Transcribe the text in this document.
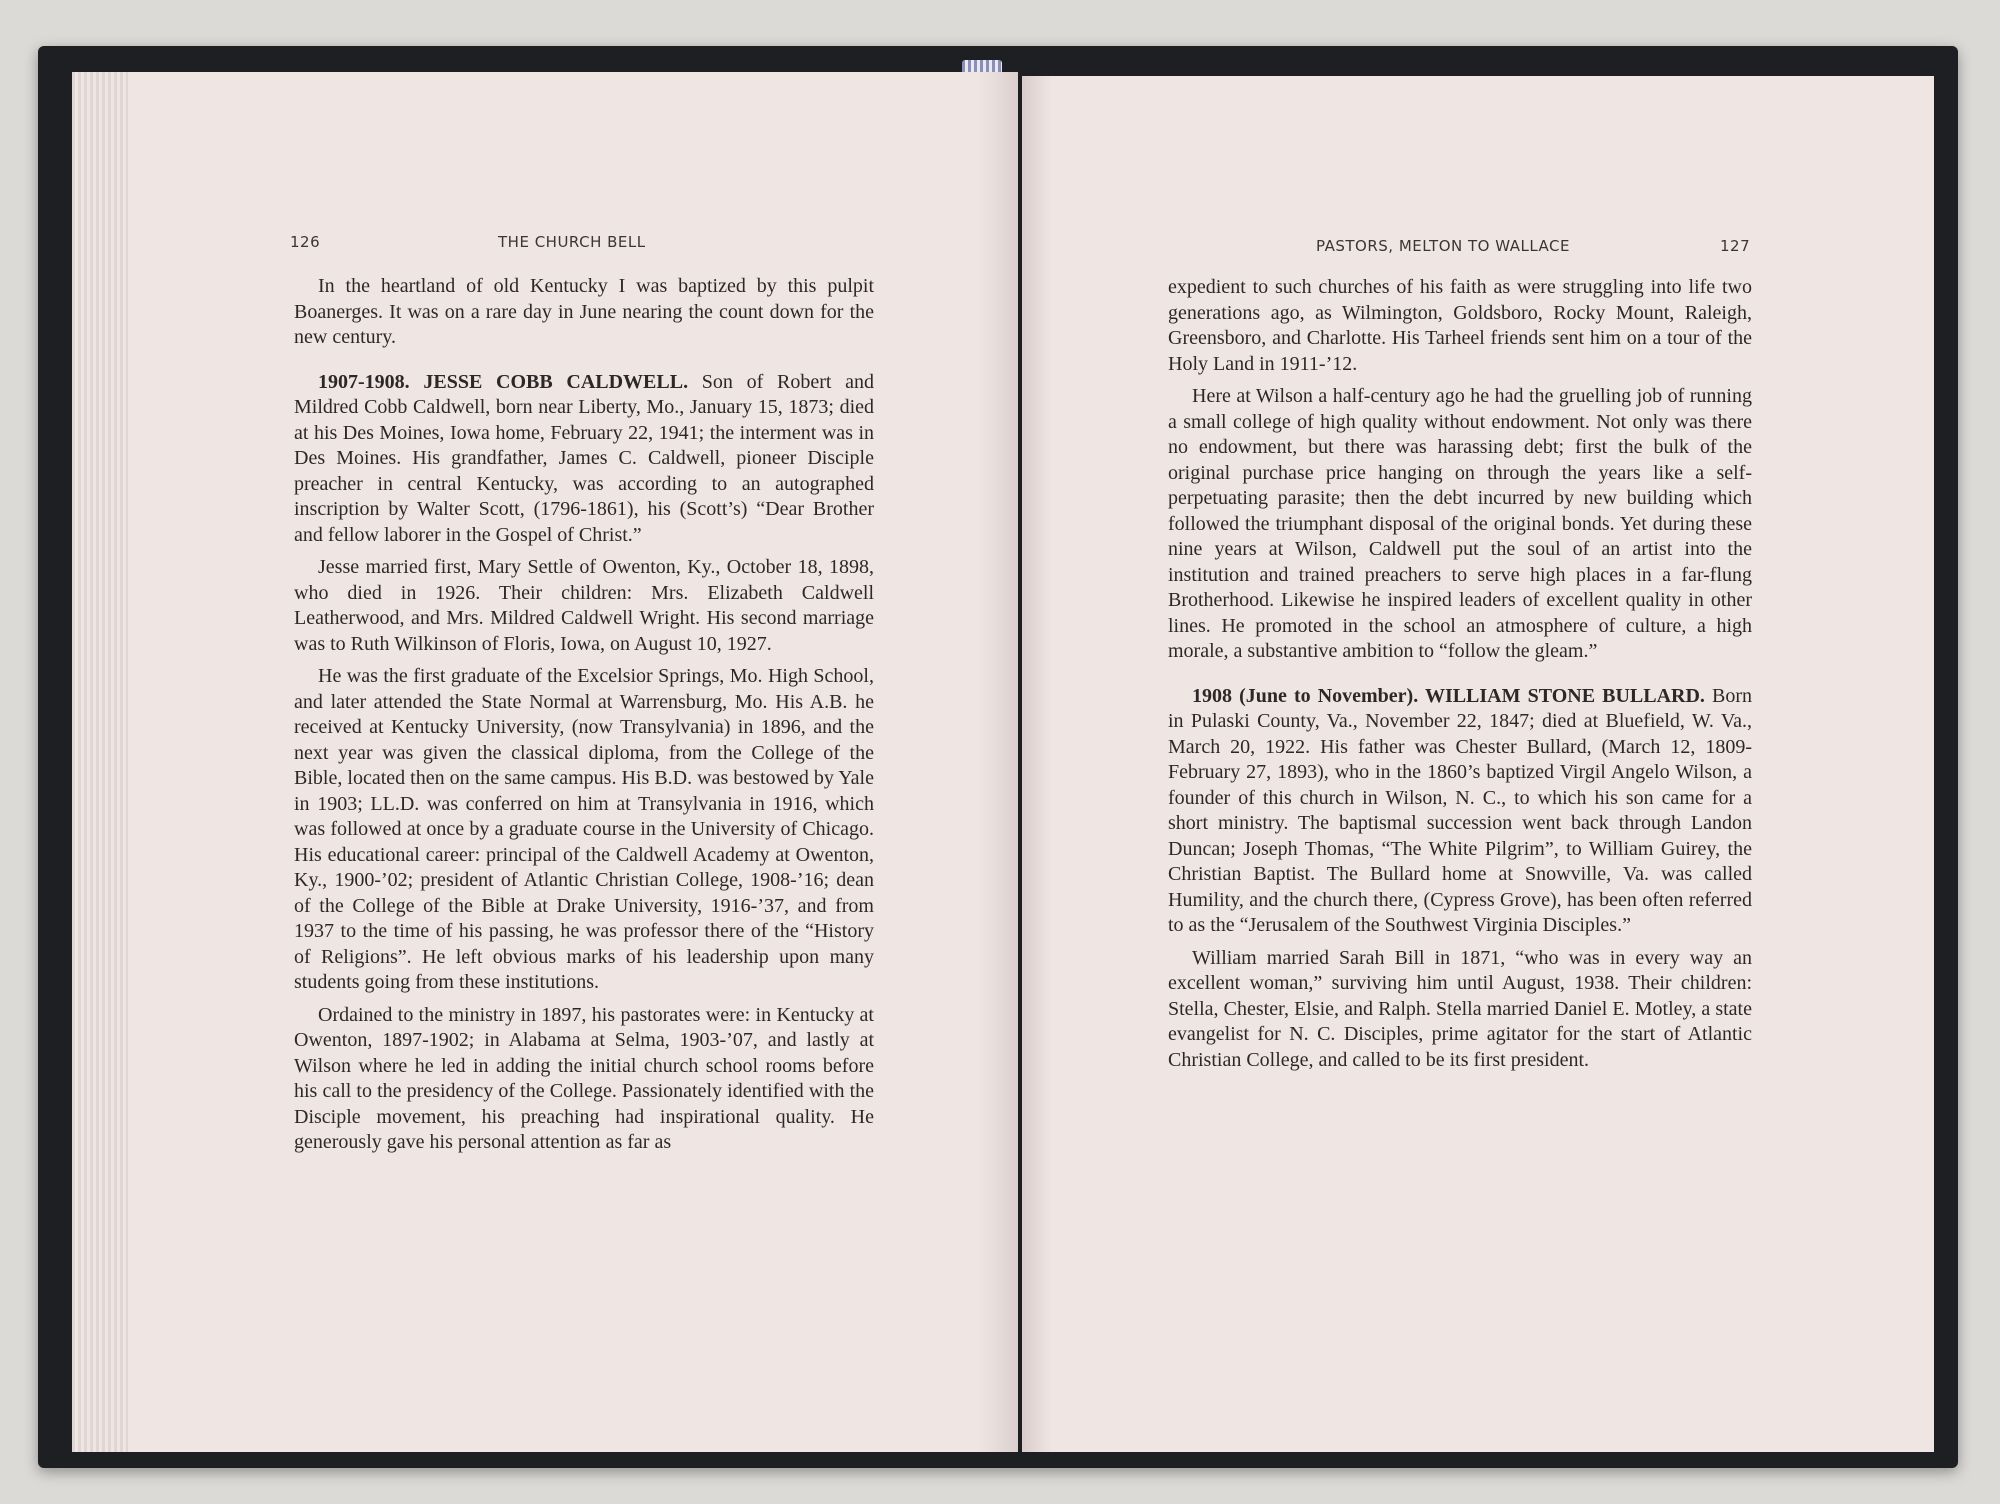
126	THE CHURCH BELL

In the heartland of old Kentucky I was baptized by this pulpit Boanerges. It was on a rare day in June nearing the count down for the new century.

1907-1908. JESSE COBB CALDWELL. Son of Robert and Mildred Cobb Caldwell, born near Liberty, Mo., January 15, 1873; died at his Des Moines, Iowa home, February 22, 1941; the interment was in Des Moines. His grandfather, James C. Caldwell, pioneer Disciple preacher in central Kentucky, was according to an autographed inscription by Walter Scott, (1796-1861), his (Scott’s) “Dear Brother and fellow laborer in the Gospel of Christ.”

Jesse married first, Mary Settle of Owenton, Ky., October 18, 1898, who died in 1926. Their children: Mrs. Elizabeth Caldwell Leatherwood, and Mrs. Mildred Caldwell Wright. His second marriage was to Ruth Wilkinson of Floris, Iowa, on August 10, 1927.

He was the first graduate of the Excelsior Springs, Mo. High School, and later attended the State Normal at Warrensburg, Mo. His A.B. he received at Kentucky University, (now Transylvania) in 1896, and the next year was given the classical diploma, from the College of the Bible, located then on the same campus. His B.D. was bestowed by Yale in 1903; LL.D. was conferred on him at Transylvania in 1916, which was followed at once by a graduate course in the University of Chicago. His educational career: principal of the Caldwell Academy at Owenton, Ky., 1900-’02; president of Atlantic Christian College, 1908-’16; dean of the College of the Bible at Drake University, 1916-’37, and from 1937 to the time of his passing, he was professor there of the “History of Religions”. He left obvious marks of his leadership upon many students going from these institutions.

Ordained to the ministry in 1897, his pastorates were: in Kentucky at Owenton, 1897-1902; in Alabama at Selma, 1903-’07, and lastly at Wilson where he led in adding the initial church school rooms before his call to the presidency of the College. Passionately identified with the Disciple movement, his preaching had inspirational quality. He generously gave his personal attention as far as

PASTORS, MELTON TO WALLACE	127

expedient to such churches of his faith as were struggling into life two generations ago, as Wilmington, Goldsboro, Rocky Mount, Raleigh, Greensboro, and Charlotte. His Tarheel friends sent him on a tour of the Holy Land in 1911-’12.

Here at Wilson a half-century ago he had the gruelling job of running a small college of high quality without endowment. Not only was there no endowment, but there was harassing debt; first the bulk of the original purchase price hanging on through the years like a self-perpetuating parasite; then the debt incurred by new building which followed the triumphant disposal of the original bonds. Yet during these nine years at Wilson, Caldwell put the soul of an artist into the institution and trained preachers to serve high places in a far-flung Brotherhood. Likewise he inspired leaders of excellent quality in other lines. He promoted in the school an atmosphere of culture, a high morale, a substantive ambition to “follow the gleam.”

1908 (June to November). WILLIAM STONE BULLARD. Born in Pulaski County, Va., November 22, 1847; died at Bluefield, W. Va., March 20, 1922. His father was Chester Bullard, (March 12, 1809-February 27, 1893), who in the 1860’s baptized Virgil Angelo Wilson, a founder of this church in Wilson, N. C., to which his son came for a short ministry. The baptismal succession went back through Landon Duncan; Joseph Thomas, “The White Pilgrim”, to William Guirey, the Christian Baptist. The Bullard home at Snowville, Va. was called Humility, and the church there, (Cypress Grove), has been often referred to as the “Jerusalem of the Southwest Virginia Disciples.”

William married Sarah Bill in 1871, “who was in every way an excellent woman,” surviving him until August, 1938. Their children: Stella, Chester, Elsie, and Ralph. Stella married Daniel E. Motley, a state evangelist for N. C. Disciples, prime agitator for the start of Atlantic Christian College, and called to be its first president.
